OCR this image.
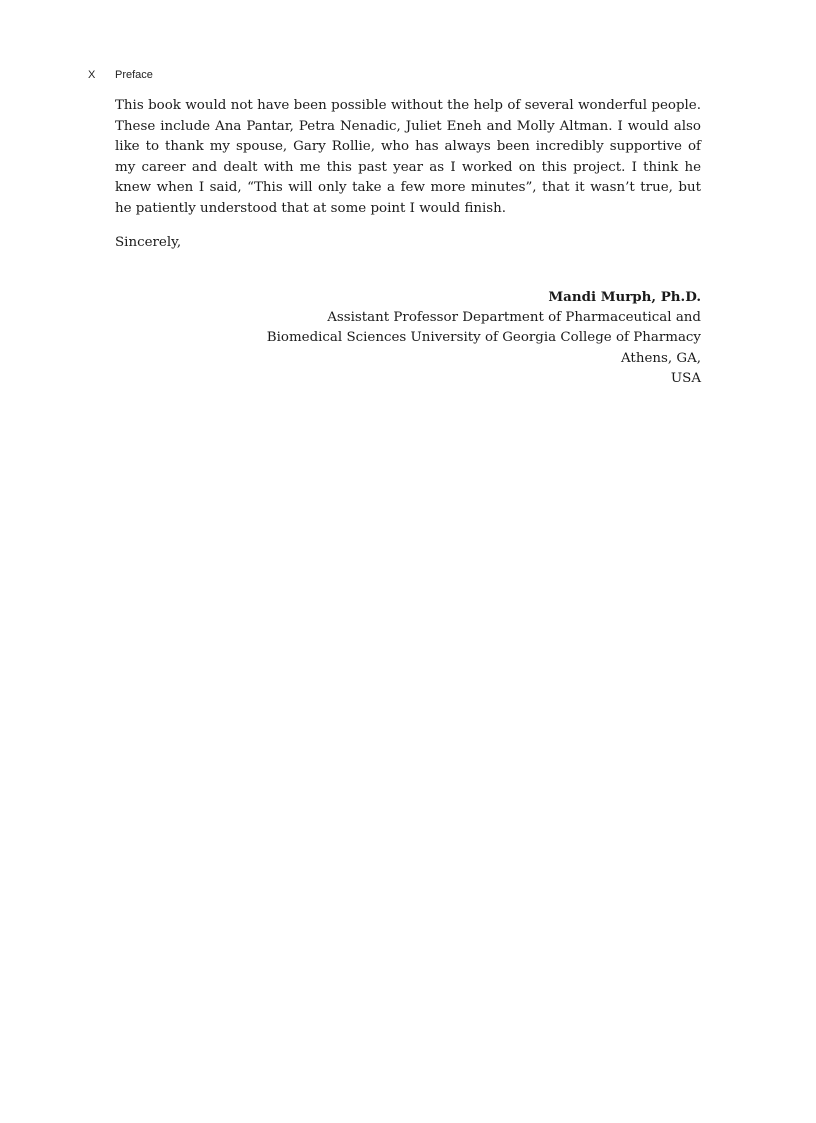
X	Preface

This book would not have been possible without the help of several wonderful people. These include Ana Pantar, Petra Nenadic, Juliet Eneh and Molly Altman. I would also like to thank my spouse, Gary Rollie, who has always been incredibly supportive of my career and dealt with me this past year as I worked on this project. I think he knew when I said, “This will only take a few more minutes”, that it wasn’t true, but he patiently understood that at some point I would finish.

Sincerely,

Mandi Murph, Ph.D.
Assistant Professor Department of Pharmaceutical and
Biomedical Sciences University of Georgia College of Pharmacy
Athens, GA,
USA
